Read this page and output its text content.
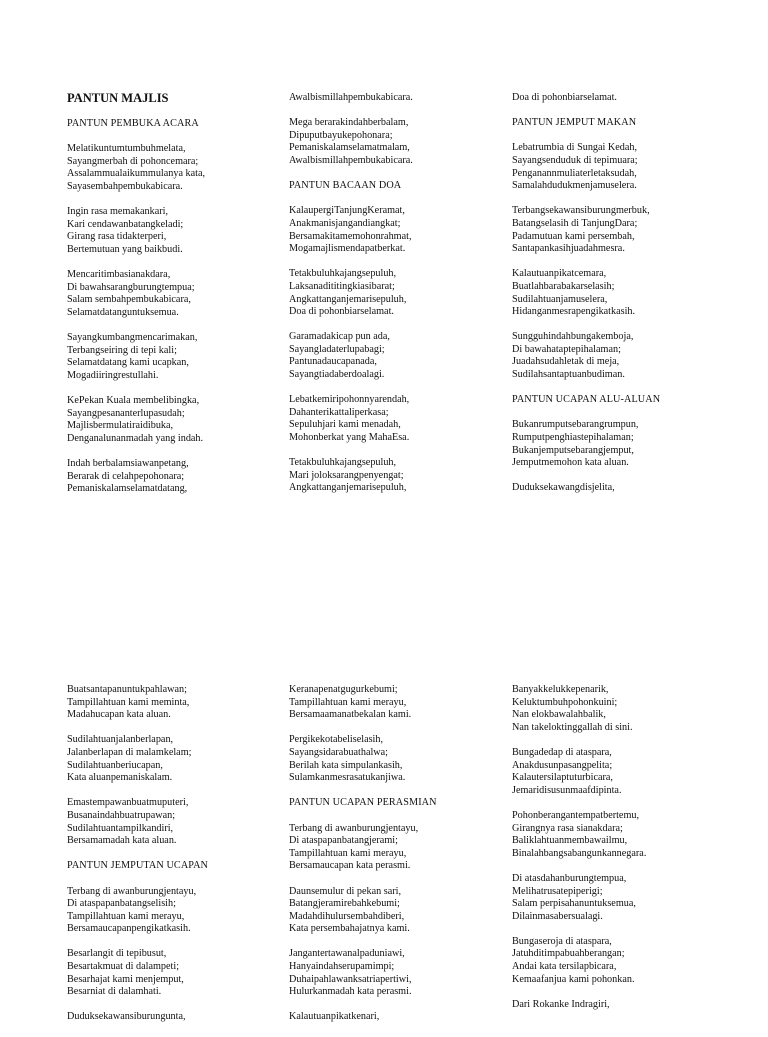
PANTUN MAJLIS
PANTUN PEMBUKA ACARA
Melatikuntumtumbuhmelata,
Sayangmerbah di pohoncemara;
Assalammualaikummulanya kata,
Sayasembahpembukabicara.
Ingin rasa memakankari,
Kari cendawanbatangkeladi;
Girang rasa tidakterperi,
Bertemutuan yang baikbudi.
Mencaritimbasianakdara,
Di bawahsarangburungtempua;
Salam sembahpembukabicara,
Selamatdatanguntuksemua.
Sayangkumbangmencarimakan,
Terbangseiring di tepi kali;
Selamatdatang kami ucapkan,
Mogadiiringrestullahi.
KePekan Kuala membelibingka,
Sayangpesananterlupasudah;
Majlisbermulatiraidibuka,
Denganalunanmadah yang indah.
Indah berbalamsiawanpetang,
Berarak di celahpepohonara;
Pemaniskalamselamatdatang,
Awalbismillahpembukabicara.
Mega berarakindahberbalam,
Dipuputbayukepohonara;
Pemaniskalamselamatmalam,
Awalbismillahpembukabicara.
PANTUN BACAAN DOA
KalaupergiTanjungKeramat,
Anakmanisjangandiangkat;
Bersamakitamemohonrahmat,
Mogamajlismendapatberkat.
Tetakbuluhkajangsepuluh,
Laksanadititingkiasibarat;
Angkattanganjemarisepuluh,
Doa di pohonbiarselamat.
Garamadakicap pun ada,
Sayangladaterlupabagi;
Pantunadaucapanada,
Sayangtiadaberdoalagi.
Lebatkemiripohonnyarendah,
Dahanterikattaliperkasa;
Sepuluhjari kami menadah,
Mohonberkat yang MahaEsa.
Tetakbuluhkajangsepuluh,
Mari joloksarangpenyengat;
Angkattanganjemarisepuluh,
Doa di pohonbiarselamat.
PANTUN JEMPUT MAKAN
Lebatrumbia di Sungai Kedah,
Sayangsenduduk di tepimuara;
Penganannmuliaterletaksudah,
Samalahdudukmenjamuselera.
Terbangsekawansiburungmerbuk,
Batangselasih di TanjungDara;
Padamutuan kami persembah,
Santapankasihjuadahmesra.
Kalautuanpikatcemara,
Buatlahbarabakarselasih;
Sudilahtuanjamuselera,
Hidanganmesrapengikatkasih.
Sungguhindahbungakemboja,
Di bawahataptepihalaman;
Juadahsudahletak di meja,
Sudilahsantaptuanbudiman.
PANTUN UCAPAN ALU-ALUAN
Bukanrumputsebarangrumpun,
Rumputpenghiastepihalaman;
Bukanjemputsebarangjemput,
Jemputmemohon kata aluan.
Duduksekawangdisjelita,
Buatsantapanuntukpahlawan;
Tampillahtuan kami meminta,
Madahucapan kata aluan.
Sudilahtuanjalanberlapan,
Jalanberlapan di malamkelam;
Sudilahtuanberiucapan,
Kata aluanpemaniskalam.
Emastempawanbuatmuputeri,
Busanaindahbuatrupawan;
Sudilahtuantampilkandiri,
Bersamamadah kata aluan.
PANTUN JEMPUTAN UCAPAN
Terbang di awanburungjentayu,
Di ataspapanbatangselisih;
Tampillahtuan kami merayu,
Bersamaucapanpengikatkasih.
Besarlangit di tepibusut,
Besartakmuat di dalampeti;
Besarhajat kami menjemput,
Besarniat di dalamhati.
Duduksekawansiburunguntа,
Keranapenatgugurkebumi;
Tampillahtuan kami merayu,
Bersamaamanatbekalan kami.
Pergikekotabeliselasih,
Sayangsidarabuathalwa;
Berilah kata simpulankasih,
Sulamkanmesrasatukanjiwa.
PANTUN UCAPAN PERASMIAN
Terbang di awanburungjentayu,
Di ataspapanbatangjerami;
Tampillahtuan kami merayu,
Bersamaucapan kata perasmi.
Daunsemulur di pekan sari,
Batangjeramirebahkebumi;
Madahdihulursembahdiberi,
Kata persembahajatnya kami.
Jangantertawanalpaduniawi,
Hanyaindahserupamimpi;
Duhaipahlawanksatriapertiwi,
Hulurkanmadah kata perasmi.
Kalautuanpikatkenari,
Banyakkelukkepenarik,
Keluktumbuhpohonkuini;
Nan elokbawalahbalik,
Nan takeloktinggallah di sini.
Bungadedap di ataspara,
Anakdusunpasangpelita;
Kalautersilaptuturbicara,
Jemaridisusunmaafdipinta.
Pohonberangantempatbertemu,
Girangnya rasa sianakdara;
Baliklahtuanmembawailmu,
Binalahbangsabangunkannegara.
Di atasdahanburungtempua,
Melihatrusatepiperigi;
Salam perpisahanuntuksemua,
Dilainmasabersualagi.
Bungaseroja di ataspara,
Jatuhditimpabuahberangan;
Andai kata tersilapbicara,
Kemaafanjua kami pohonkan.
Dari Rokanke Indragiri,
